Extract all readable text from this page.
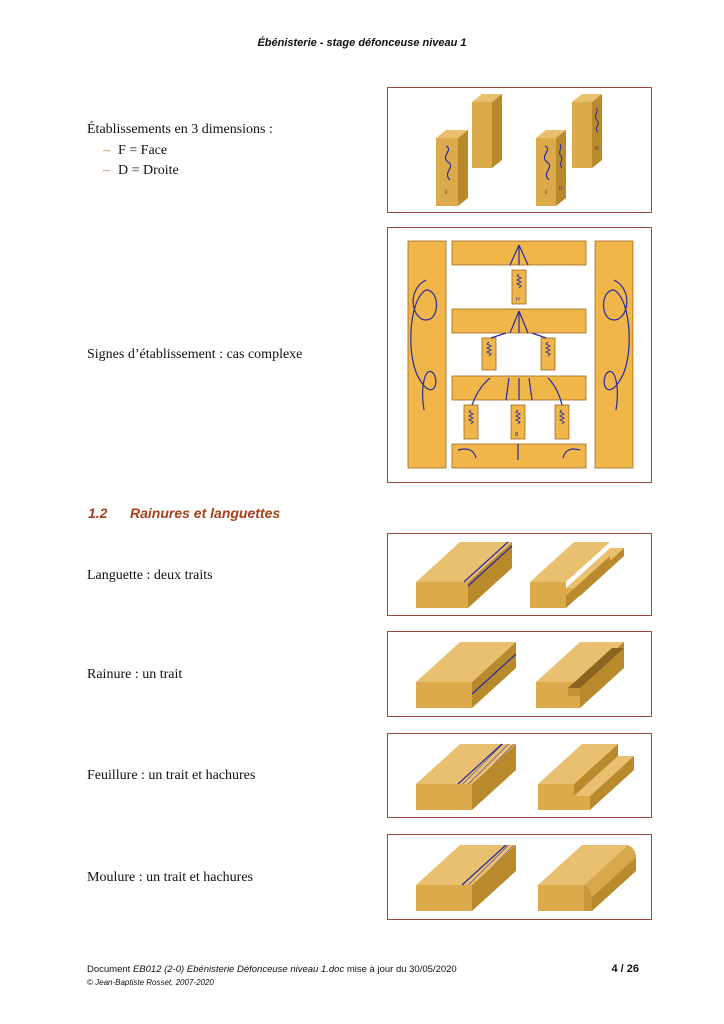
Ébénisterie - stage défonceuse niveau 1
Établissements en 3 dimensions :
– F = Face
– D = Droite
F	F
D
D
Signes d’établissement : cas complexe
H
B
1.2 Rainures et languettes
Languette : deux traits
Rainure : un trait
Feuillure : un trait et hachures
Moulure : un trait et hachures
Document EB012 (2-0) Ebénisterie Défonceuse niveau 1.doc mise à jour du 30/05/2020	4 / 26
© Jean-Baptiste Rosset, 2007-2020
